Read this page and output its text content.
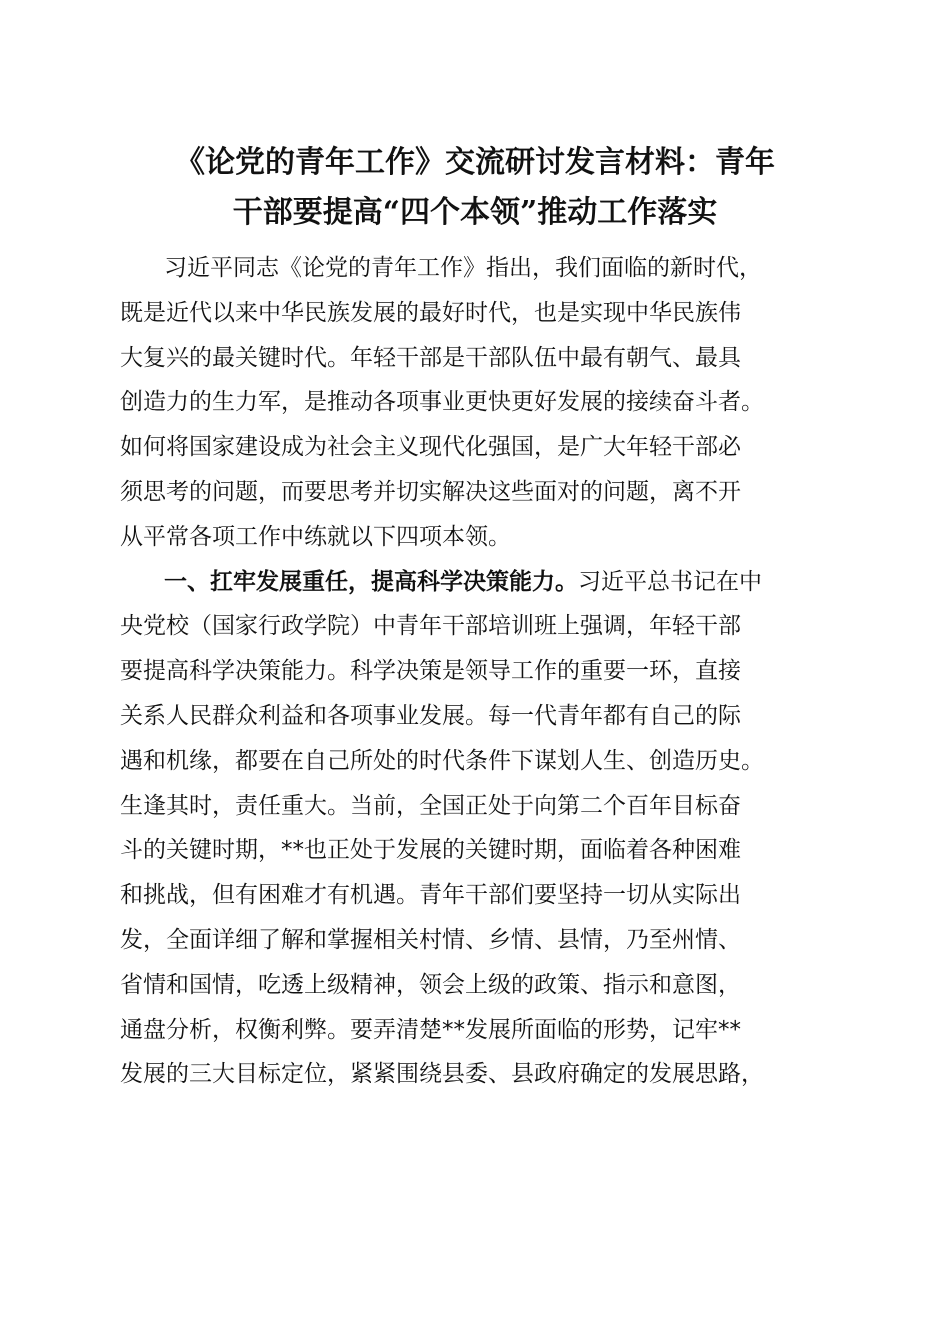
《论党的青年工作》交流研讨发言材料：青年
干部要提高“四个本领”推动工作落实
习近平同志《论党的青年工作》指出，我们面临的新时代，
既是近代以来中华民族发展的最好时代，也是实现中华民族伟
大复兴的最关键时代。年轻干部是干部队伍中最有朝气、最具
创造力的生力军，是推动各项事业更快更好发展的接续奋斗者。
如何将国家建设成为社会主义现代化强国，是广大年轻干部必
须思考的问题，而要思考并切实解决这些面对的问题，离不开
从平常各项工作中练就以下四项本领。
一、扛牢发展重任，提高科学决策能力。习近平总书记在中
央党校（国家行政学院）中青年干部培训班上强调，年轻干部
要提高科学决策能力。科学决策是领导工作的重要一环，直接
关系人民群众利益和各项事业发展。每一代青年都有自己的际
遇和机缘，都要在自己所处的时代条件下谋划人生、创造历史。
生逢其时，责任重大。当前，全国正处于向第二个百年目标奋
斗的关键时期，**也正处于发展的关键时期，面临着各种困难
和挑战，但有困难才有机遇。青年干部们要坚持一切从实际出
发，全面详细了解和掌握相关村情、乡情、县情，乃至州情、
省情和国情，吃透上级精神，领会上级的政策、指示和意图，
通盘分析，权衡利弊。要弄清楚**发展所面临的形势，记牢**
发展的三大目标定位，紧紧围绕县委、县政府确定的发展思路，
